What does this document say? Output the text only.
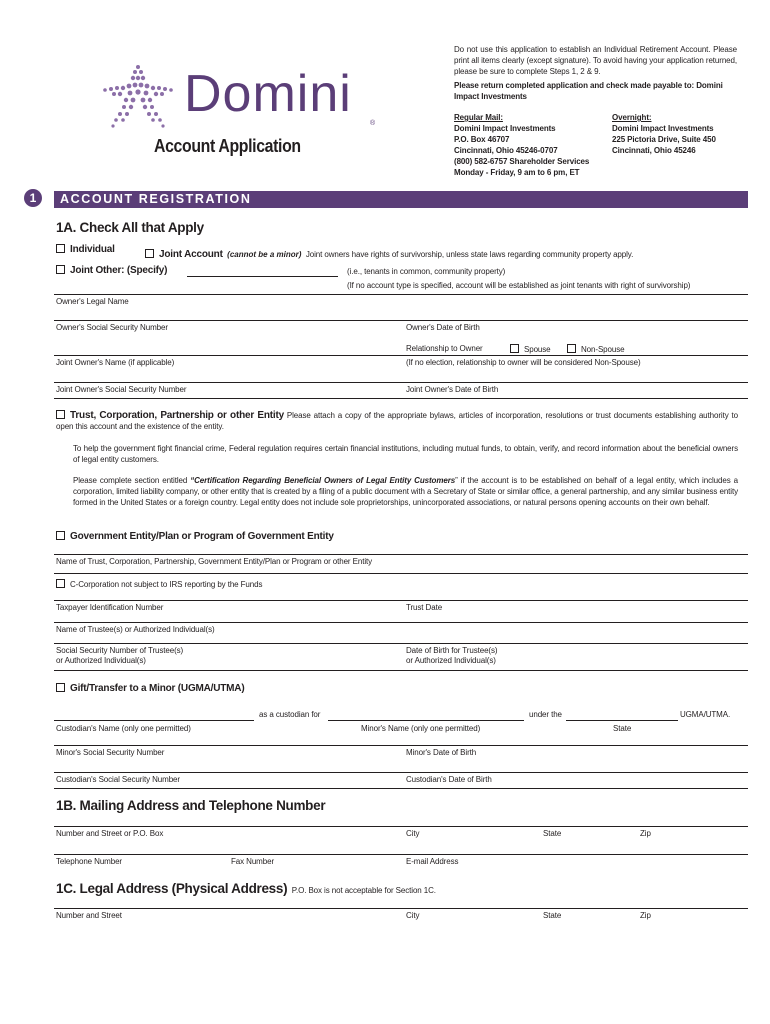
Domini
®
Account Application
Do not use this application to establish an Individual Retirement Account. Please print all items clearly (except signature). To avoid having your application returned, please be sure to complete Steps 1, 2 & 9.
Please return completed application and check made payable to: Domini Impact Investments
Regular Mail:
Domini Impact Investments
P.O. Box 46707
Cincinnati, Ohio 45246-0707
(800) 582-6757 Shareholder Services
Monday - Friday, 9 am to 6 pm, ET
Overnight:
Domini Impact Investments
225 Pictoria Drive, Suite 450
Cincinnati, Ohio 45246
1	ACCOUNT REGISTRATION
1A. Check All that Apply
Individual	Joint Account (cannot be a minor) Joint owners have rights of survivorship, unless state laws regarding community property apply.
Joint Other: (Specify)	(i.e., tenants in common, community property)
(If no account type is specified, account will be established as joint tenants with right of survivorship)
Owner's Legal Name
Owner's Social Security Number	Owner's Date of Birth
Relationship to Owner	Spouse	Non-Spouse
Joint Owner's Name (if applicable)	(If no election, relationship to owner will be considered Non-Spouse)
Joint Owner's Social Security Number	Joint Owner's Date of Birth
Trust, Corporation, Partnership or other Entity Please attach a copy of the appropriate bylaws, articles of incorporation, resolutions or trust documents establishing authority to open this account and the existence of the entity.
To help the government fight financial crime, Federal regulation requires certain financial institutions, including mutual funds, to obtain, verify, and record information about the beneficial owners of legal entity customers.
Please complete section entitled “Certification Regarding Beneficial Owners of Legal Entity Customers” if the account is to be established on behalf of a legal entity, which includes a corporation, limited liability company, or other entity that is created by a filing of a public document with a Secretary of State or similar office, a general partnership, and any similar business entity formed in the United States or a foreign country. Legal entity does not include sole proprietorships, unincorporated associations, or natural persons opening accounts on their own behalf.
Government Entity/Plan or Program of Government Entity
Name of Trust, Corporation, Partnership, Government Entity/Plan or Program or other Entity
C-Corporation not subject to IRS reporting by the Funds
Taxpayer Identification Number	Trust Date
Name of Trustee(s) or Authorized Individual(s)
Social Security Number of Trustee(s)
or Authorized Individual(s)
Date of Birth for Trustee(s)
or Authorized Individual(s)
Gift/Transfer to a Minor (UGMA/UTMA)
as a custodian for	under the	UGMA/UTMA.
Custodian's Name (only one permitted)	Minor's Name (only one permitted)	State
Minor's Social Security Number	Minor's Date of Birth
Custodian's Social Security Number	Custodian's Date of Birth
1B. Mailing Address and Telephone Number
Number and Street or P.O. Box	City	State	Zip
Telephone Number	Fax Number	E-mail Address
1C. Legal Address (Physical Address) P.O. Box is not acceptable for Section 1C.
Number and Street	City	State	Zip
